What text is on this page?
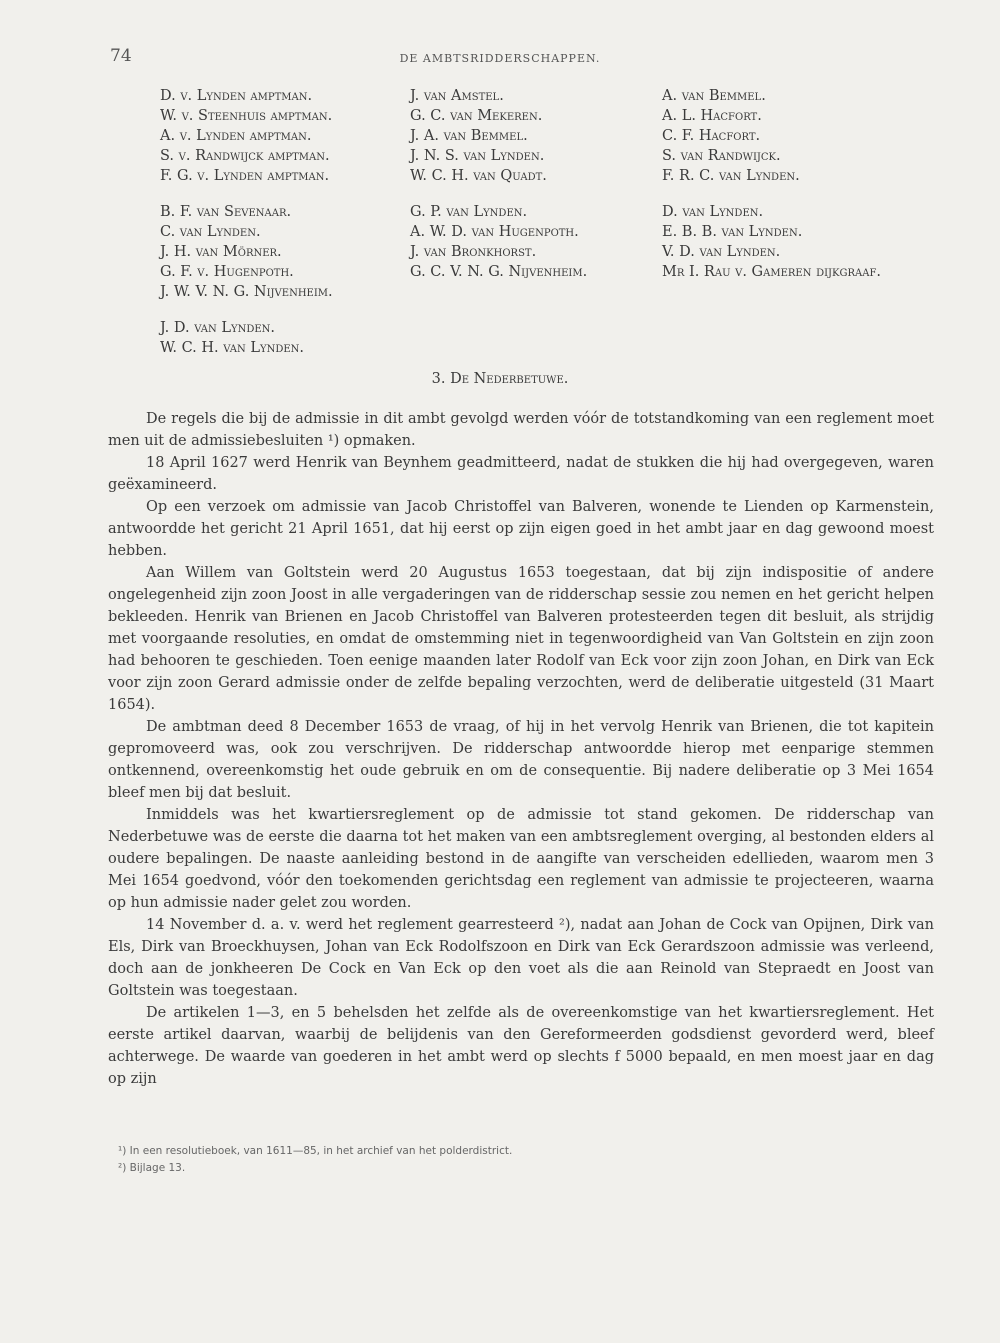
74	DE AMBTSRIDDERSCHAPPEN.
D. v. Lynden amptman.
W. v. Steenhuis amptman.
A. v. Lynden amptman.
S. v. Randwijck amptman.
F. G. v. Lynden amptman.
B. F. van Sevenaar.
C. van Lynden.
J. H. van Mörner.
G. F. v. Hugenpoth.
J. W. V. N. G. Nijvenheim.
J. D. van Lynden.
W. C. H. van Lynden.
J. van Amstel.
G. C. van Mekeren.
J. A. van Bemmel.
J. N. S. van Lynden.
W. C. H. van Quadt.
G. P. van Lynden.
A. W. D. van Hugenpoth.
J. van Bronkhorst.
G. C. V. N. G. Nijvenheim.
A. van Bemmel.
A. L. Hacfort.
C. F. Hacfort.
S. van Randwijck.
F. R. C. van Lynden.
D. van Lynden.
E. B. B. van Lynden.
V. D. van Lynden.
Mr I. Rau v. Gameren dijkgraaf.
3. De Nederbetuwe.

De regels die bij de admissie in dit ambt gevolgd werden vóór de totstandkoming van een reglement moet men uit de admissiebesluiten ¹) opmaken.

18 April 1627 werd Henrik van Beynhem geadmitteerd, nadat de stukken die hij had overgegeven, waren geëxamineerd.

Op een verzoek om admissie van Jacob Christoffel van Balveren, wonende te Lienden op Karmenstein, antwoordde het gericht 21 April 1651, dat hij eerst op zijn eigen goed in het ambt jaar en dag gewoond moest hebben.

Aan Willem van Goltstein werd 20 Augustus 1653 toegestaan, dat bij zijn indispositie of andere ongelegenheid zijn zoon Joost in alle vergaderingen van de ridderschap sessie zou nemen en het gericht helpen bekleeden. Henrik van Brienen en Jacob Christoffel van Balveren protesteerden tegen dit besluit, als strijdig met voorgaande resoluties, en omdat de omstemming niet in tegenwoordigheid van Van Goltstein en zijn zoon had behooren te geschieden. Toen eenige maanden later Rodolf van Eck voor zijn zoon Johan, en Dirk van Eck voor zijn zoon Gerard admissie onder de zelfde bepaling verzochten, werd de deliberatie uitgesteld (31 Maart 1654).

De ambtman deed 8 December 1653 de vraag, of hij in het vervolg Henrik van Brienen, die tot kapitein gepromoveerd was, ook zou verschrijven. De ridderschap antwoordde hierop met eenparige stemmen ontkennend, overeenkomstig het oude gebruik en om de consequentie. Bij nadere deliberatie op 3 Mei 1654 bleef men bij dat besluit.

Inmiddels was het kwartiersreglement op de admissie tot stand gekomen. De ridderschap van Nederbetuwe was de eerste die daarna tot het maken van een ambtsreglement overging, al bestonden elders al oudere bepalingen. De naaste aanleiding bestond in de aangifte van verscheiden edellieden, waarom men 3 Mei 1654 goedvond, vóór den toekomenden gerichtsdag een reglement van admissie te projecteeren, waarna op hun admissie nader gelet zou worden.

14 November d. a. v. werd het reglement gearresteerd ²), nadat aan Johan de Cock van Opijnen, Dirk van Els, Dirk van Broeckhuysen, Johan van Eck Rodolfszoon en Dirk van Eck Gerardszoon admissie was verleend, doch aan de jonkheeren De Cock en Van Eck op den voet als die aan Reinold van Stepraedt en Joost van Goltstein was toegestaan.

De artikelen 1—3, en 5 behelsden het zelfde als de overeenkomstige van het kwartiersreglement. Het eerste artikel daarvan, waarbij de belijdenis van den Gereformeerden godsdienst gevorderd werd, bleef achterwege. De waarde van goederen in het ambt werd op slechts f 5000 bepaald, en men moest jaar en dag op zijn

¹) In een resolutieboek, van 1611—85, in het archief van het polderdistrict.
²) Bijlage 13.
